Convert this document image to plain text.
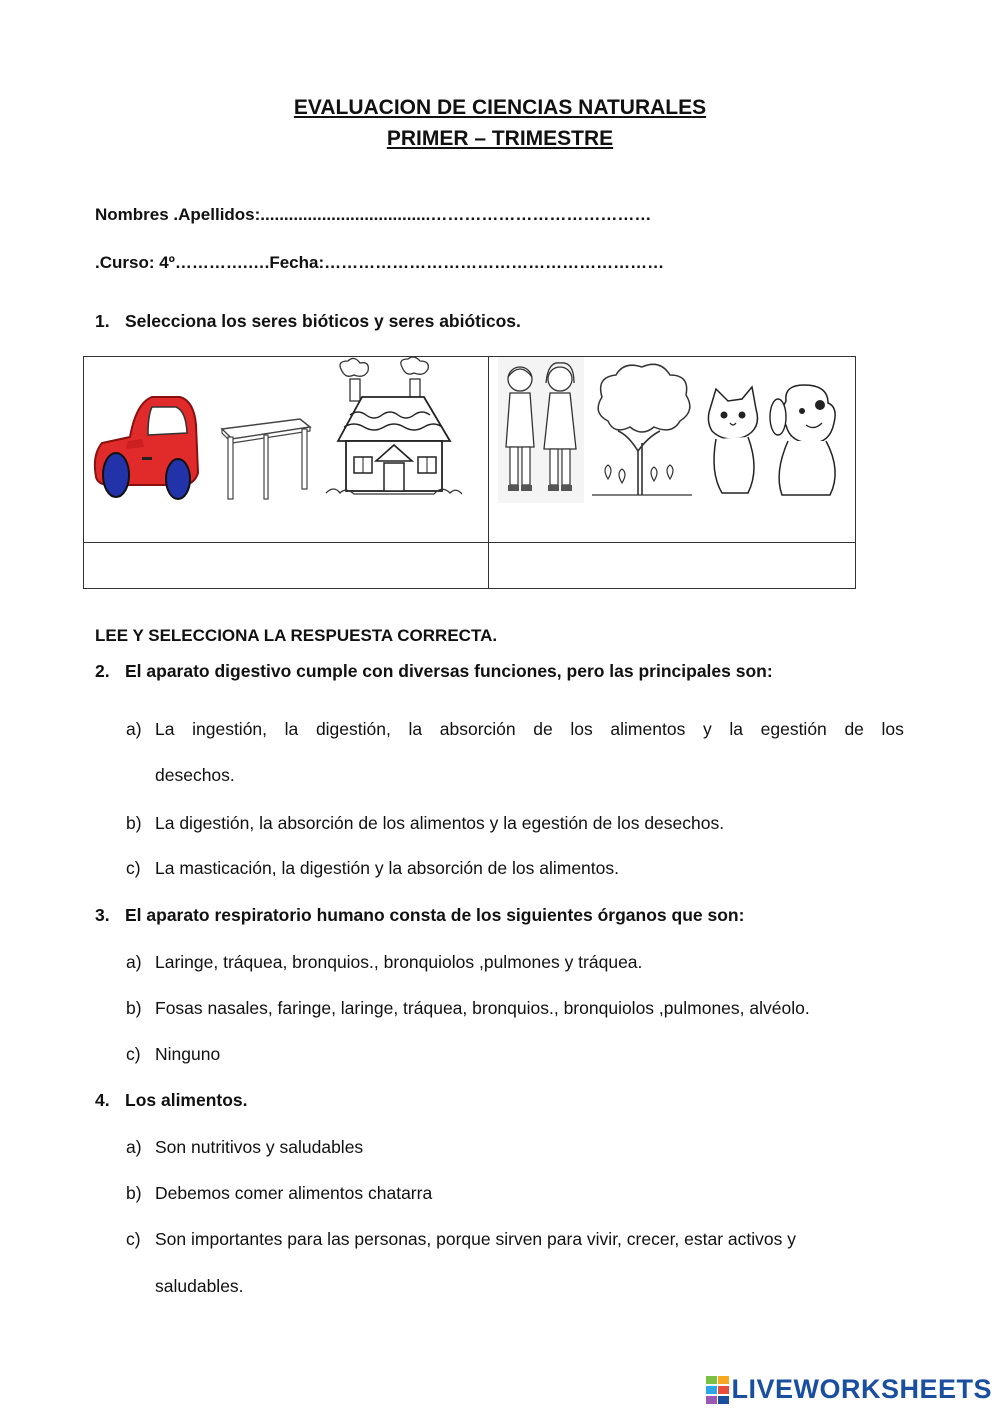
EVALUACION DE CIENCIAS NATURALES
PRIMER – TRIMESTRE

Nombres .Apellidos:....................................…………………………………

.Curso: 4º………….….Fecha:……………………………………………………

1. Selecciona los seres bióticos y seres abióticos.

LEE Y SELECCIONA LA RESPUESTA CORRECTA.

2. El aparato digestivo cumple con diversas funciones, pero las principales son:

a) La ingestión, la digestión, la absorción de los alimentos y la egestión de los

desechos.

b) La digestión, la absorción de los alimentos y la egestión de los desechos.

c) La masticación, la digestión y la absorción de los alimentos.

3. El aparato respiratorio humano consta de los siguientes órganos que son:

a) Laringe, tráquea, bronquios., bronquiolos ,pulmones y tráquea.

b) Fosas nasales, faringe, laringe, tráquea, bronquios., bronquiolos ,pulmones, alvéolo.

c) Ninguno

4. Los alimentos.

a) Son nutritivos y saludables

b) Debemos comer alimentos chatarra

c) Son importantes para las personas, porque sirven para vivir, crecer, estar activos y

saludables.

LIVEWORKSHEETS
